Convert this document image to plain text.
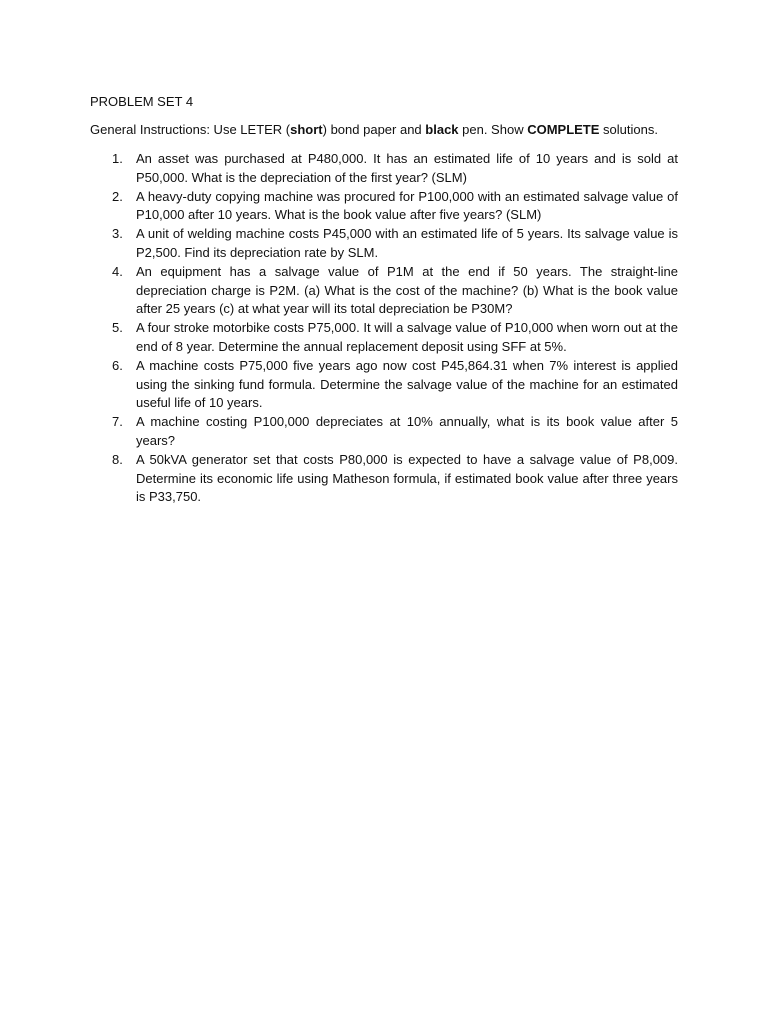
PROBLEM SET 4
General Instructions: Use LETER (short) bond paper and black pen. Show COMPLETE solutions.
1.	An asset was purchased at P480,000. It has an estimated life of 10 years and is sold at P50,000. What is the depreciation of the first year? (SLM)
2.	A heavy-duty copying machine was procured for P100,000 with an estimated salvage value of P10,000 after 10 years. What is the book value after five years? (SLM)
3.	A unit of welding machine costs P45,000 with an estimated life of 5 years. Its salvage value is P2,500. Find its depreciation rate by SLM.
4.	An equipment has a salvage value of P1M at the end if 50 years. The straight-line depreciation charge is P2M. (a) What is the cost of the machine? (b) What is the book value after 25 years (c) at what year will its total depreciation be P30M?
5.	A four stroke motorbike costs P75,000. It will a salvage value of P10,000 when worn out at the end of 8 year. Determine the annual replacement deposit using SFF at 5%.
6.	A machine costs P75,000 five years ago now cost P45,864.31 when 7% interest is applied using the sinking fund formula. Determine the salvage value of the machine for an estimated useful life of 10 years.
7.	A machine costing P100,000 depreciates at 10% annually, what is its book value after 5 years?
8.	A 50kVA generator set that costs P80,000 is expected to have a salvage value of P8,009. Determine its economic life using Matheson formula, if estimated book value after three years is P33,750.
